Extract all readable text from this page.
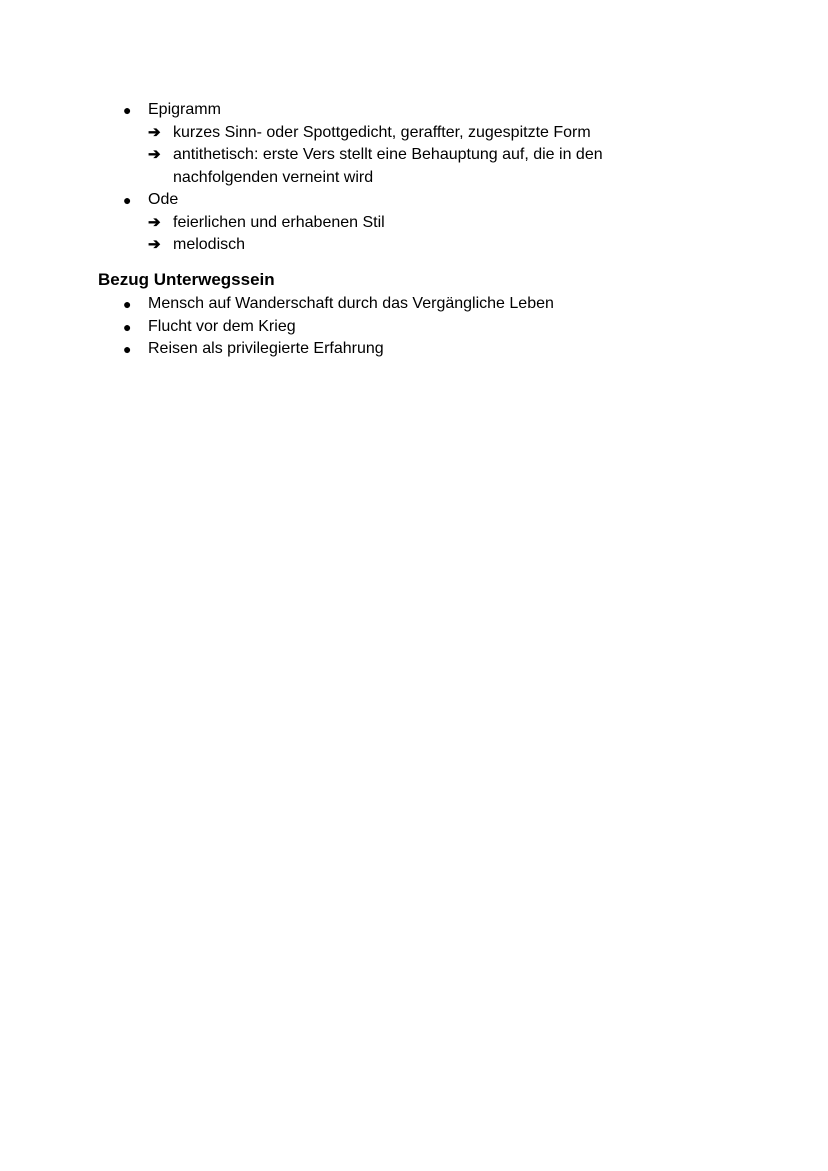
● Epigramm
➔ kurzes Sinn- oder Spottgedicht, geraffter, zugespitzte Form
➔ antithetisch: erste Vers stellt eine Behauptung auf, die in den nachfolgenden verneint wird
● Ode
➔ feierlichen und erhabenen Stil
➔ melodisch
Bezug Unterwegssein
● Mensch auf Wanderschaft durch das Vergängliche Leben
● Flucht vor dem Krieg
● Reisen als privilegierte Erfahrung
